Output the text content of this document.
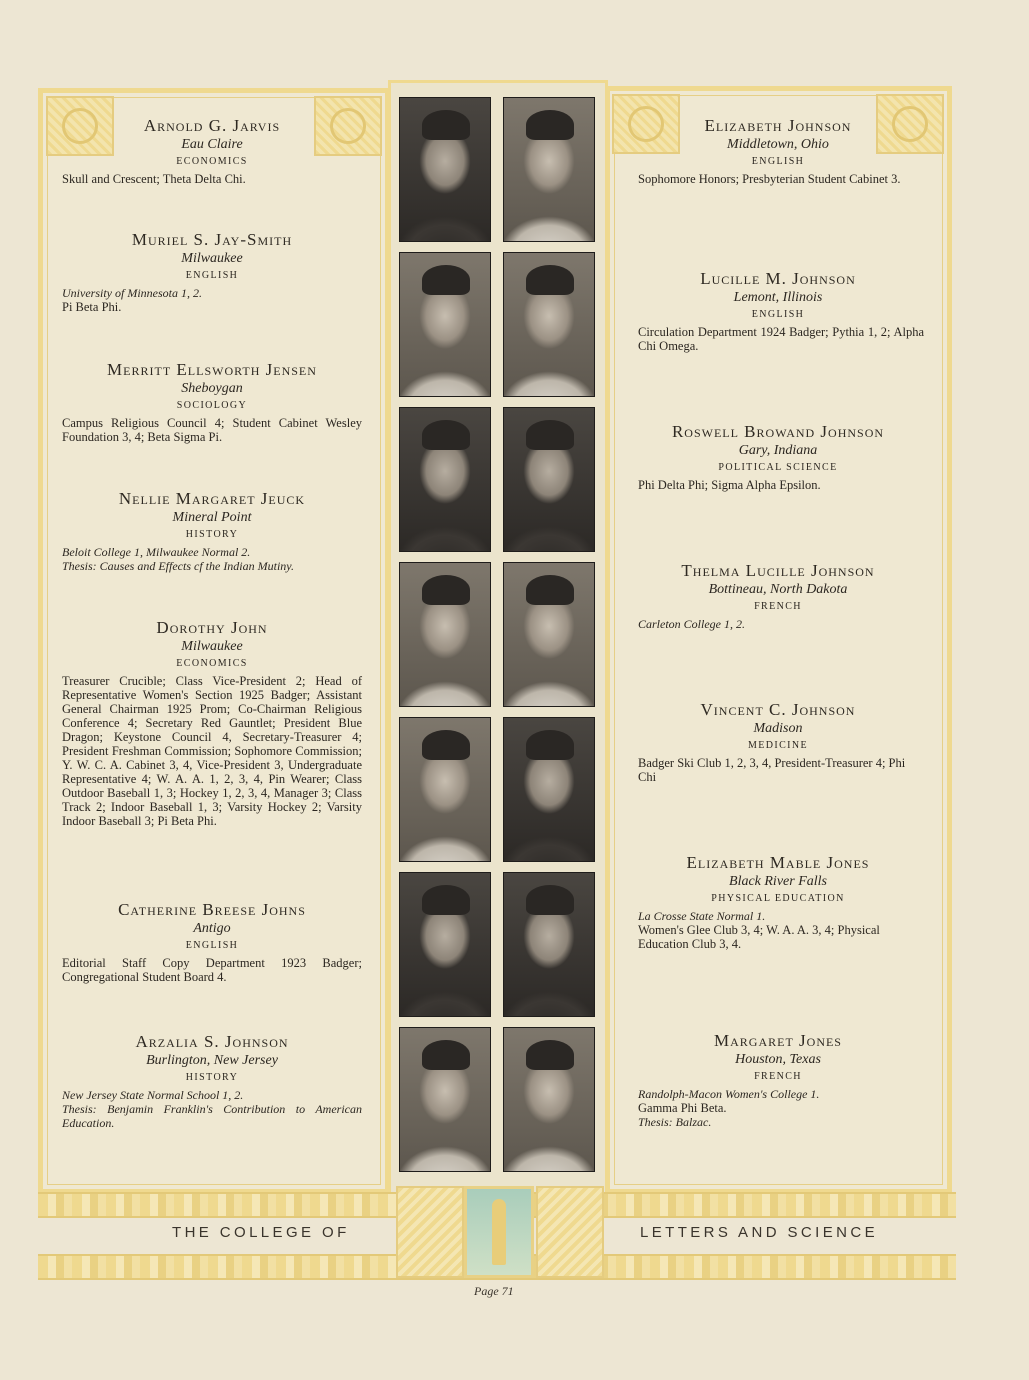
Arnold G. Jarvis
Eau Claire
ECONOMICS
Skull and Crescent; Theta Delta Chi.
Muriel S. Jay-Smith
Milwaukee
ENGLISH
University of Minnesota 1, 2.
Pi Beta Phi.
Merritt Ellsworth Jensen
Sheboygan
SOCIOLOGY
Campus Religious Council 4; Student Cabinet Wesley Foundation 3, 4; Beta Sigma Pi.
Nellie Margaret Jeuck
Mineral Point
HISTORY
Beloit College 1, Milwaukee Normal 2.
Thesis: Causes and Effects cf the Indian Mutiny.
Dorothy John
Milwaukee
ECONOMICS
Treasurer Crucible; Class Vice-President 2; Head of Representative Women's Section 1925 Badger; Assistant General Chairman 1925 Prom; Co-Chairman Religious Conference 4; Secretary Red Gauntlet; President Blue Dragon; Keystone Council 4, Secretary-Treasurer 4; President Freshman Commission; Sophomore Commission; Y. W. C. A. Cabinet 3, 4, Vice-President 3, Undergraduate Representative 4; W. A. A. 1, 2, 3, 4, Pin Wearer; Class Outdoor Baseball 1, 3; Hockey 1, 2, 3, 4, Manager 3; Class Track 2; Indoor Baseball 1, 3; Varsity Hockey 2; Varsity Indoor Baseball 3; Pi Beta Phi.
Catherine Breese Johns
Antigo
ENGLISH
Editorial Staff Copy Department 1923 Badger; Congregational Student Board 4.
Arzalia S. Johnson
Burlington, New Jersey
HISTORY
New Jersey State Normal School 1, 2.
Thesis: Benjamin Franklin's Contribution to American Education.
Elizabeth Johnson
Middletown, Ohio
ENGLISH
Sophomore Honors; Presbyterian Student Cabinet 3.
Lucille M. Johnson
Lemont, Illinois
ENGLISH
Circulation Department 1924 Badger; Pythia 1, 2; Alpha Chi Omega.
Roswell Browand Johnson
Gary, Indiana
POLITICAL SCIENCE
Phi Delta Phi; Sigma Alpha Epsilon.
Thelma Lucille Johnson
Bottineau, North Dakota
FRENCH
Carleton College 1, 2.
Vincent C. Johnson
Madison
MEDICINE
Badger Ski Club 1, 2, 3, 4, President-Treasurer 4; Phi Chi
Elizabeth Mable Jones
Black River Falls
PHYSICAL EDUCATION
La Crosse State Normal 1.
Women's Glee Club 3, 4; W. A. A. 3, 4; Physical Education Club 3, 4.
Margaret Jones
Houston, Texas
FRENCH
Randolph-Macon Women's College 1.
Gamma Phi Beta.
Thesis: Balzac.
THE COLLEGE OF	LETTERS AND SCIENCE
Page 71
